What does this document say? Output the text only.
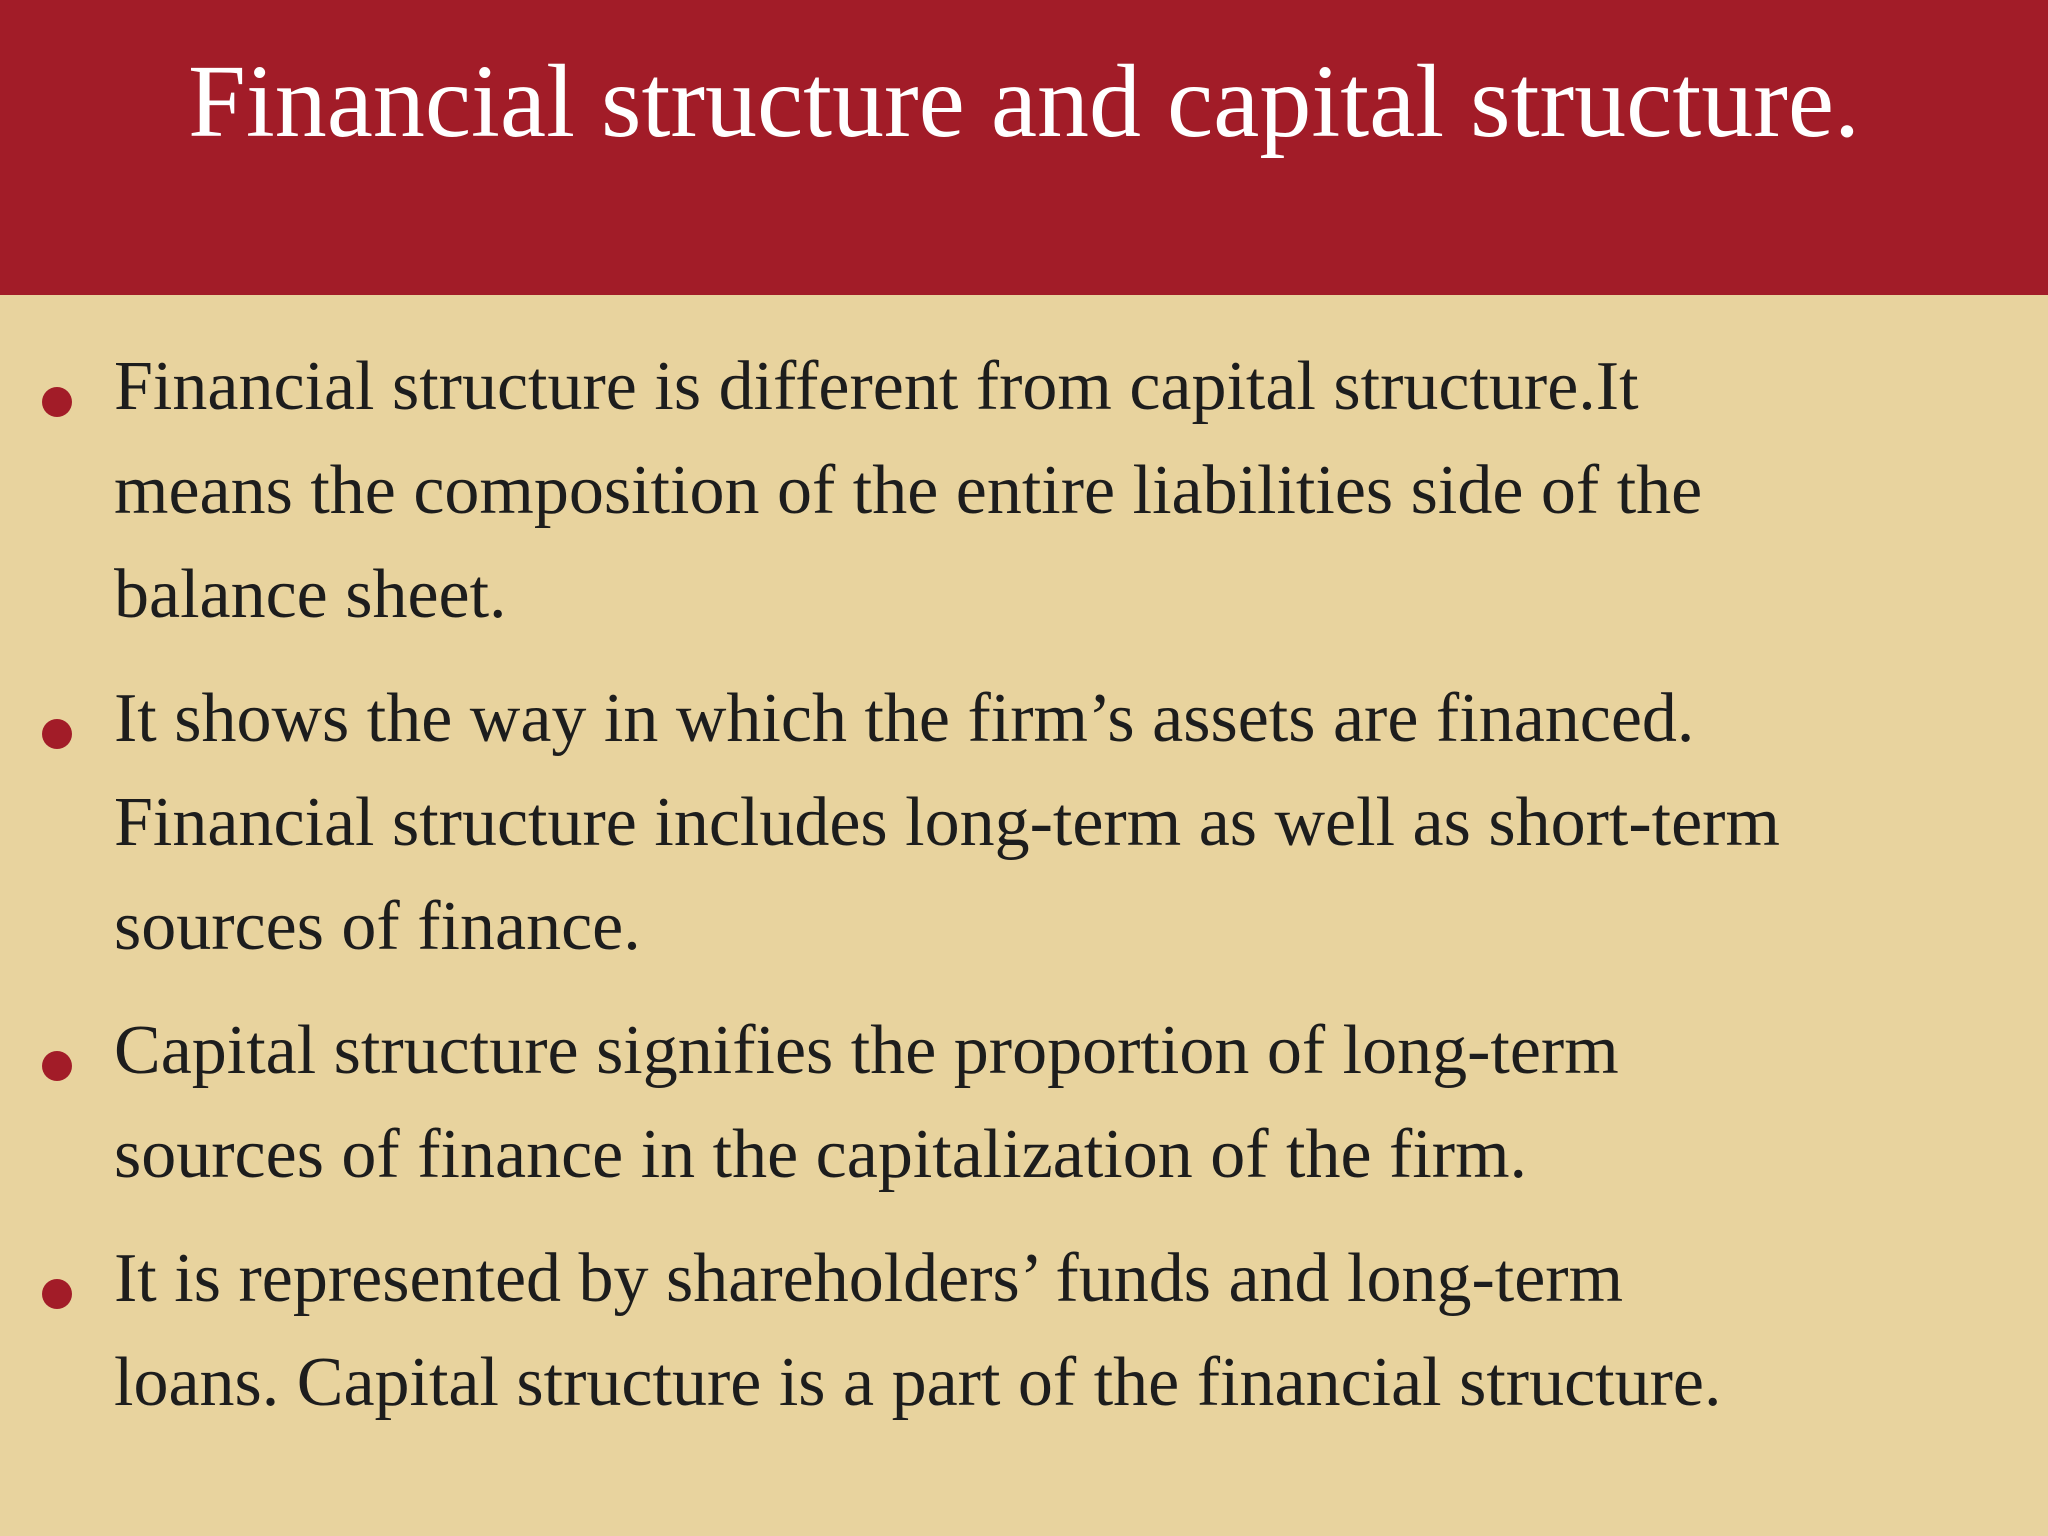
Financial structure and capital structure.
Financial structure is different from capital structure.It
means the composition of the entire liabilities side of the
balance sheet.
It shows the way in which the firm’s assets are financed.
Financial structure includes long-term as well as short-term
sources of finance.
Capital structure signifies the proportion of long-term
sources of finance in the capitalization of the firm.
It is represented by shareholders’ funds and long-term
loans. Capital structure is a part of the financial structure.
